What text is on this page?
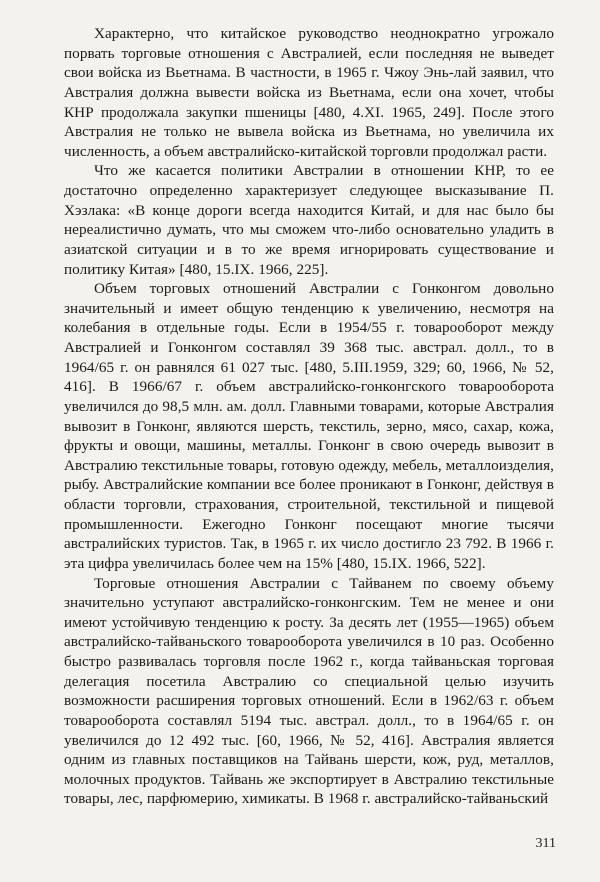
Характерно, что китайское руководство неоднократно угрожало порвать торговые отношения с Австралией, если последняя не выведет свои войска из Вьетнама. В частности, в 1965 г. Чжоу Энь-лай заявил, что Австралия должна вывести войска из Вьетнама, если она хочет, чтобы КНР продолжала закупки пшеницы [480, 4.XI. 1965, 249]. После этого Австралия не только не вывела войска из Вьетнама, но увеличила их численность, а объем австралийско-китайской торговли продолжал расти.

Что же касается политики Австралии в отношении КНР, то ее достаточно определенно характеризует следующее высказывание П. Хэзлака: «В конце дороги всегда находится Китай, и для нас было бы нереалистично думать, что мы сможем что-либо основательно уладить в азиатской ситуации и в то же время игнорировать существование и политику Китая» [480, 15.IX. 1966, 225].

Объем торговых отношений Австралии с Гонконгом довольно значительный и имеет общую тенденцию к увеличению, несмотря на колебания в отдельные годы. Если в 1954/55 г. товарооборот между Австралией и Гонконгом составлял 39 368 тыс. австрал. долл., то в 1964/65 г. он равнялся 61 027 тыс. [480, 5.III.1959, 329; 60, 1966, № 52, 416]. В 1966/67 г. объем австралийско-гонконгского товарооборота увеличился до 98,5 млн. ам. долл. Главными товарами, которые Австралия вывозит в Гонконг, являются шерсть, текстиль, зерно, мясо, сахар, кожа, фрукты и овощи, машины, металлы. Гонконг в свою очередь вывозит в Австралию текстильные товары, готовую одежду, мебель, металлоизделия, рыбу. Австралийские компании все более проникают в Гонконг, действуя в области торговли, страхования, строительной, текстильной и пищевой промышленности. Ежегодно Гонконг посещают многие тысячи австралийских туристов. Так, в 1965 г. их число достигло 23 792. В 1966 г. эта цифра увеличилась более чем на 15% [480, 15.IX. 1966, 522].

Торговые отношения Австралии с Тайванем по своему объему значительно уступают австралийско-гонконгским. Тем не менее и они имеют устойчивую тенденцию к росту. За десять лет (1955—1965) объем австралийско-тайваньского товарооборота увеличился в 10 раз. Особенно быстро развивалась торговля после 1962 г., когда тайваньская торговая делегация посетила Австралию со специальной целью изучить возможности расширения торговых отношений. Если в 1962/63 г. объем товарооборота составлял 5194 тыс. австрал. долл., то в 1964/65 г. он увеличился до 12 492 тыс. [60, 1966, № 52, 416]. Австралия является одним из главных поставщиков на Тайвань шерсти, кож, руд, металлов, молочных продуктов. Тайвань же экспортирует в Австралию текстильные товары, лес, парфюмерию, химикаты. В 1968 г. австралийско-тайваньский

311
